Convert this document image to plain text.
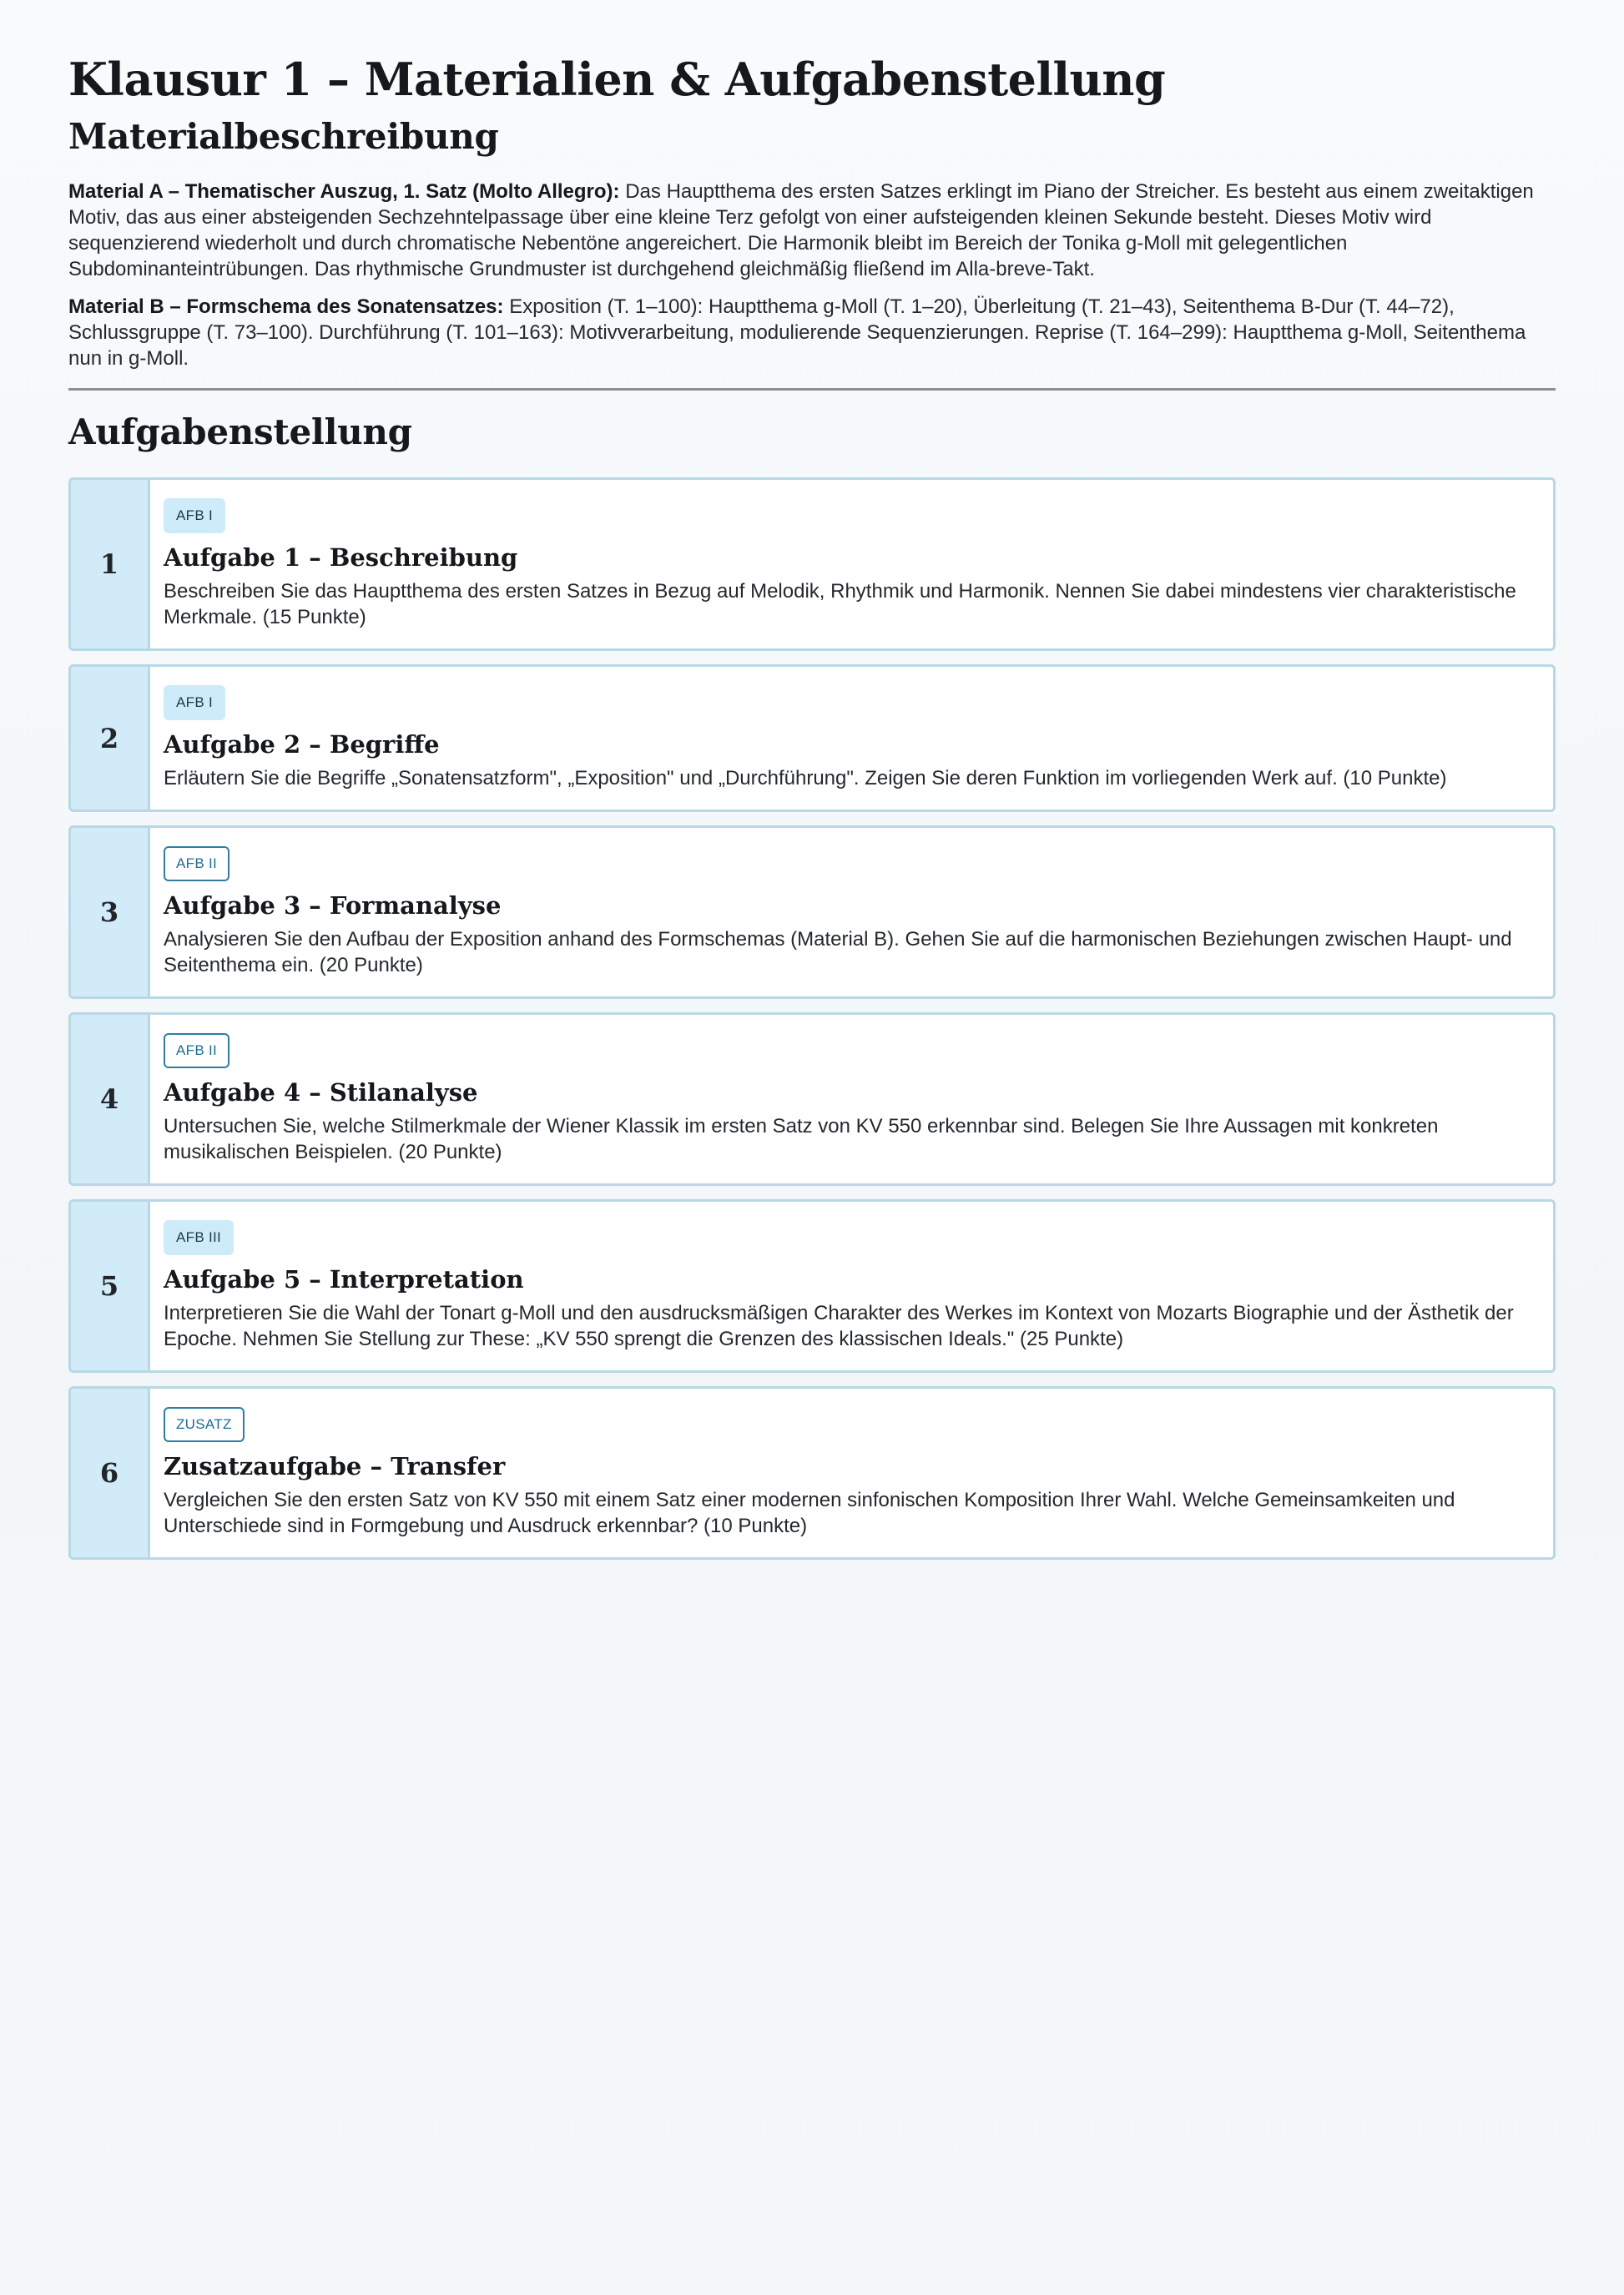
Klausur 1 – Materialien & Aufgabenstellung
Materialbeschreibung

Material A – Thematischer Auszug, 1. Satz (Molto Allegro): Das Hauptthema des ersten Satzes erklingt im Piano der Streicher. Es besteht aus einem zweitaktigen Motiv, das aus einer absteigenden Sechzehntelpassage über eine kleine Terz gefolgt von einer aufsteigenden kleinen Sekunde besteht. Dieses Motiv wird sequenzierend wiederholt und durch chromatische Nebentöne angereichert. Die Harmonik bleibt im Bereich der Tonika g-Moll mit gelegentlichen Subdominanteintrübungen. Das rhythmische Grundmuster ist durchgehend gleichmäßig fließend im Alla-breve-Takt.

Material B – Formschema des Sonatensatzes: Exposition (T. 1–100): Hauptthema g-Moll (T. 1–20), Überleitung (T. 21–43), Seitenthema B-Dur (T. 44–72), Schlussgruppe (T. 73–100). Durchführung (T. 101–163): Motivverarbeitung, modulierende Sequenzierungen. Reprise (T. 164–299): Hauptthema g-Moll, Seitenthema nun in g-Moll.

Aufgabenstellung
1
AFB I
Aufgabe 1 – Beschreibung

Beschreiben Sie das Hauptthema des ersten Satzes in Bezug auf Melodik, Rhythmik und Harmonik. Nennen Sie dabei mindestens vier charakteristische Merkmale. (15 Punkte)

2
AFB I
Aufgabe 2 – Begriffe

Erläutern Sie die Begriffe „Sonatensatzform", „Exposition" und „Durchführung". Zeigen Sie deren Funktion im vorliegenden Werk auf. (10 Punkte)

3
AFB II
Aufgabe 3 – Formanalyse

Analysieren Sie den Aufbau der Exposition anhand des Formschemas (Material B). Gehen Sie auf die harmonischen Beziehungen zwischen Haupt- und Seitenthema ein. (20 Punkte)

4
AFB II
Aufgabe 4 – Stilanalyse

Untersuchen Sie, welche Stilmerkmale der Wiener Klassik im ersten Satz von KV 550 erkennbar sind. Belegen Sie Ihre Aussagen mit konkreten musikalischen Beispielen. (20 Punkte)

5
AFB III
Aufgabe 5 – Interpretation

Interpretieren Sie die Wahl der Tonart g-Moll und den ausdrucksmäßigen Charakter des Werkes im Kontext von Mozarts Biographie und der Ästhetik der Epoche. Nehmen Sie Stellung zur These: „KV 550 sprengt die Grenzen des klassischen Ideals." (25 Punkte)

6
ZUSATZ
Zusatzaufgabe – Transfer

Vergleichen Sie den ersten Satz von KV 550 mit einem Satz einer modernen sinfonischen Komposition Ihrer Wahl. Welche Gemeinsamkeiten und Unterschiede sind in Formgebung und Ausdruck erkennbar? (10 Punkte)
